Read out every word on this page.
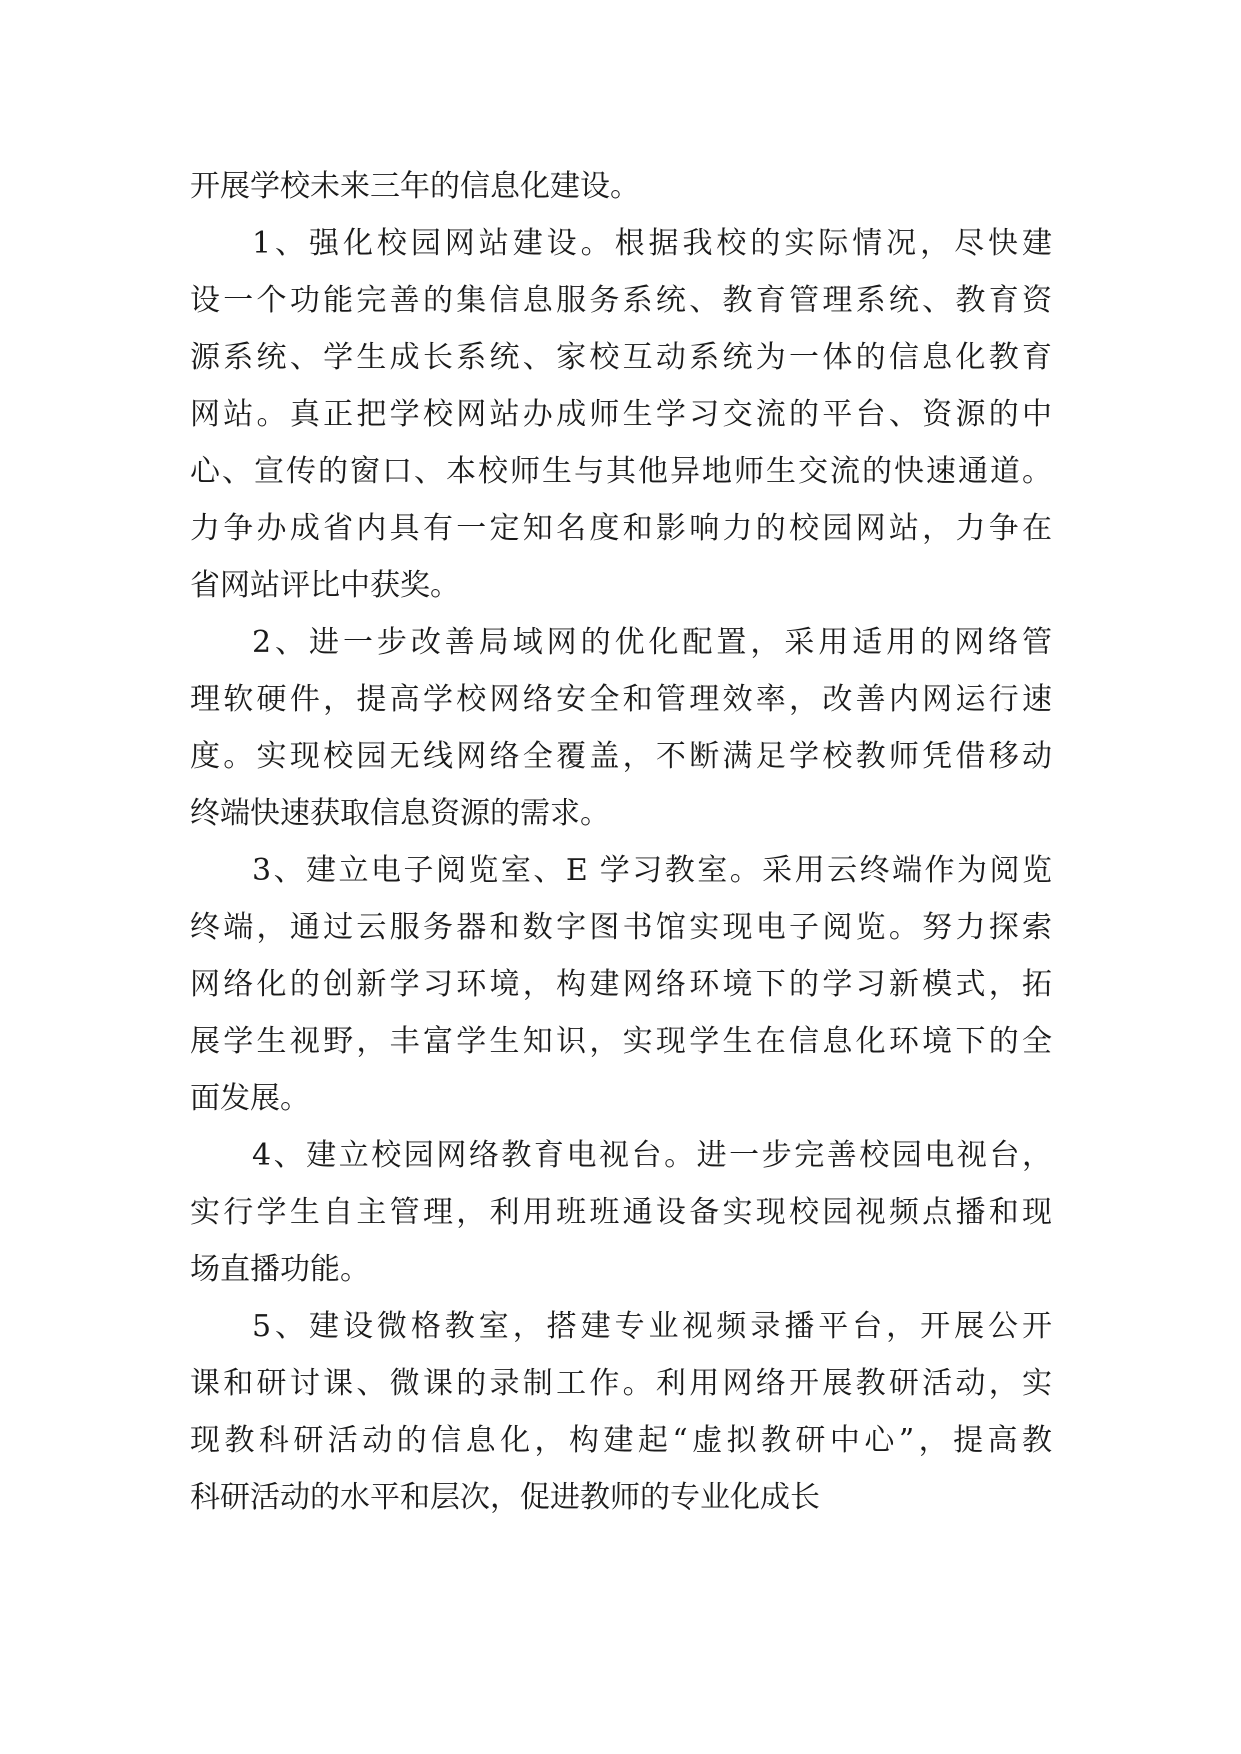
开展学校未来三年的信息化建设。
1、强化校园网站建设。根据我校的实际情况，尽快建
设一个功能完善的集信息服务系统、教育管理系统、教育资
源系统、学生成长系统、家校互动系统为一体的信息化教育
网站。真正把学校网站办成师生学习交流的平台、资源的中
心、宣传的窗口、本校师生与其他异地师生交流的快速通道。
力争办成省内具有一定知名度和影响力的校园网站，力争在
省网站评比中获奖。
2、进一步改善局域网的优化配置，采用适用的网络管
理软硬件，提高学校网络安全和管理效率，改善内网运行速
度。实现校园无线网络全覆盖，不断满足学校教师凭借移动
终端快速获取信息资源的需求。
3、建立电子阅览室、E 学习教室。采用云终端作为阅览
终端，通过云服务器和数字图书馆实现电子阅览。努力探索
网络化的创新学习环境，构建网络环境下的学习新模式，拓
展学生视野，丰富学生知识，实现学生在信息化环境下的全
面发展。
4、建立校园网络教育电视台。进一步完善校园电视台，
实行学生自主管理，利用班班通设备实现校园视频点播和现
场直播功能。
5、建设微格教室，搭建专业视频录播平台，开展公开
课和研讨课、微课的录制工作。利用网络开展教研活动，实
现教科研活动的信息化，构建起“虚拟教研中心”，提高教
科研活动的水平和层次，促进教师的专业化成长
